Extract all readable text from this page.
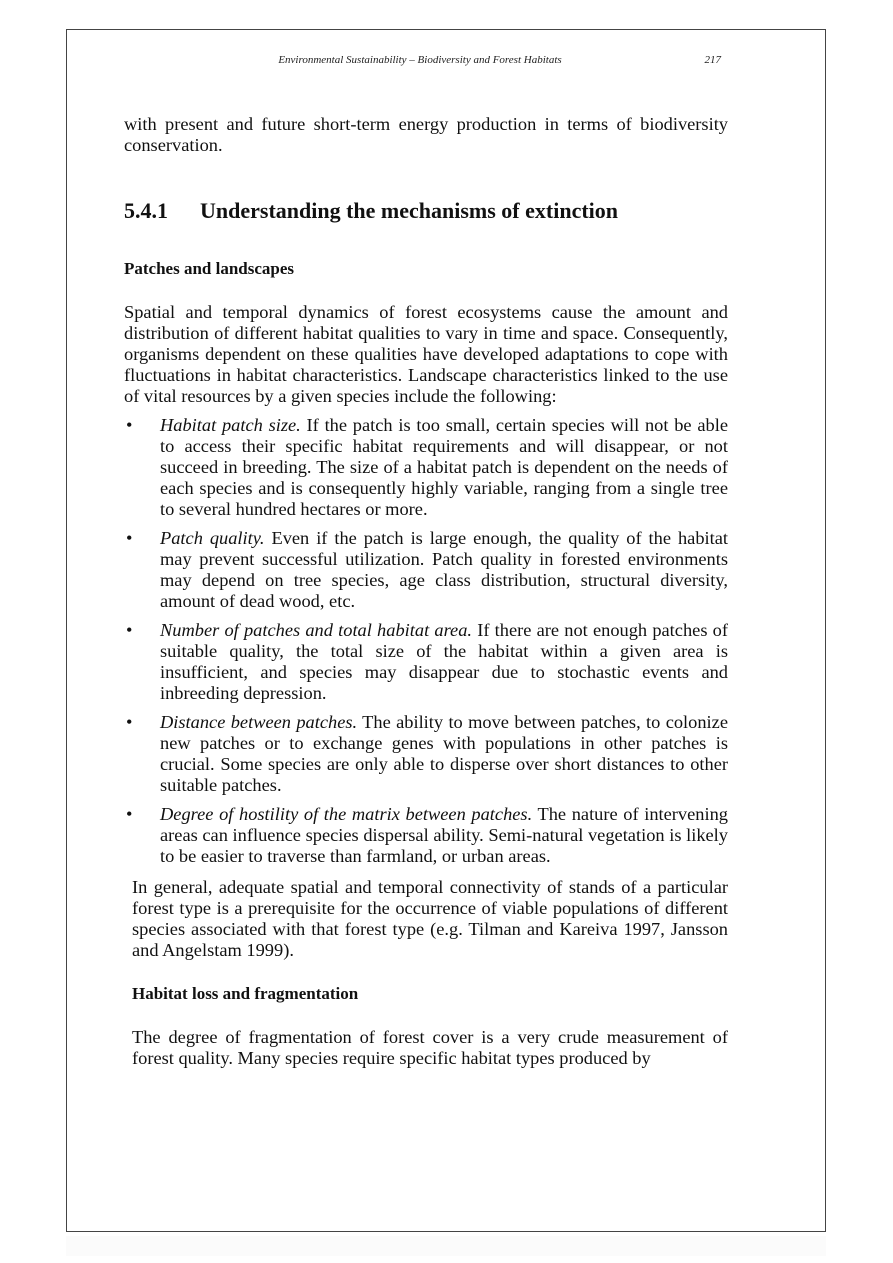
Environmental Sustainability – Biodiversity and Forest Habitats	217

with present and future short-term energy production in terms of biodiversity conservation.

5.4.1 Understanding the mechanisms of extinction
Patches and landscapes

Spatial and temporal dynamics of forest ecosystems cause the amount and distribution of different habitat qualities to vary in time and space. Consequently, organisms dependent on these qualities have developed adaptations to cope with fluctuations in habitat characteristics. Landscape characteristics linked to the use of vital resources by a given species include the following:

• Habitat patch size. If the patch is too small, certain species will not be able to access their specific habitat requirements and will disappear, or not succeed in breeding. The size of a habitat patch is dependent on the needs of each species and is consequently highly variable, ranging from a single tree to several hundred hectares or more.
• Patch quality. Even if the patch is large enough, the quality of the habitat may prevent successful utilization. Patch quality in forested environments may depend on tree species, age class distribution, structural diversity, amount of dead wood, etc.
• Number of patches and total habitat area. If there are not enough patches of suitable quality, the total size of the habitat within a given area is insufficient, and species may disappear due to stochastic events and inbreeding depression.
• Distance between patches. The ability to move between patches, to colonize new patches or to exchange genes with populations in other patches is crucial. Some species are only able to disperse over short distances to other suitable patches.
• Degree of hostility of the matrix between patches. The nature of intervening areas can influence species dispersal ability. Semi-natural vegetation is likely to be easier to traverse than farmland, or urban areas.

In general, adequate spatial and temporal connectivity of stands of a particular forest type is a prerequisite for the occurrence of viable populations of different species associated with that forest type (e.g. Tilman and Kareiva 1997, Jansson and Angelstam 1999).

Habitat loss and fragmentation

The degree of fragmentation of forest cover is a very crude measurement of forest quality. Many species require specific habitat types produced by
